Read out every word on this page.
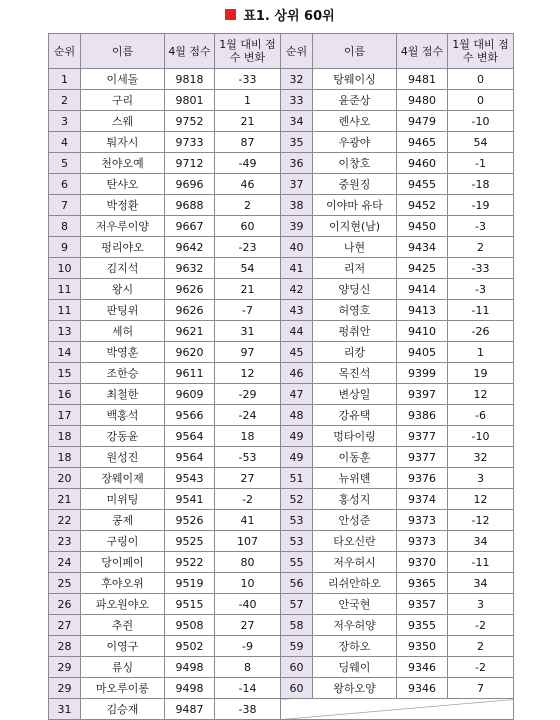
표1. 상위 60위
순위	이름	4월 점수	1월 대비 점수 변화	순위	이름	4월 점수	1월 대비 점수 변화
1	이세돌	9818	-33	32	탕웨이싱	9481	0
2	구리	9801	1	33	윤준상	9480	0
3	스웨	9752	21	34	롄샤오	9479	-10
4	퉈자시	9733	87	35	우광야	9465	54
5	천야오예	9712	-49	36	이창호	9460	-1
6	탄샤오	9696	46	37	중원징	9455	-18
7	박정환	9688	2	38	이야마 유타	9452	-19
8	저우루이양	9667	60	39	이지현(남)	9450	-3
9	펑리야오	9642	-23	40	나현	9434	2
10	김지석	9632	54	41	리저	9425	-33
11	왕시	9626	21	42	양딩신	9414	-3
11	판팅위	9626	-7	43	허영호	9413	-11
13	세허	9621	31	44	펑취안	9410	-26
14	박영훈	9620	97	45	리캉	9405	1
15	조한승	9611	12	46	목진석	9399	19
16	최철한	9609	-29	47	변상일	9397	12
17	백홍석	9566	-24	48	강유택	9386	-6
18	강동윤	9564	18	49	멍타이링	9377	-10
18	원성진	9564	-53	49	이동훈	9377	32
20	장웨이제	9543	27	51	뉴위톈	9376	3
21	미위팅	9541	-2	52	홍성지	9374	12
22	콩제	9526	41	53	안성준	9373	-12
23	구링이	9525	107	53	타오신란	9373	34
24	당이페이	9522	80	55	저우허시	9370	-11
25	후야오위	9519	10	56	리쉬안하오	9365	34
26	파오원야오	9515	-40	57	안국현	9357	3
27	추쥔	9508	27	58	저우허양	9355	-2
28	이영구	9502	-9	59	장하오	9350	2
29	류싱	9498	8	60	딩웨이	9346	-2
29	마오루이롱	9498	-14	60	왕하오양	9346	7
31	김승재	9487	-38				
